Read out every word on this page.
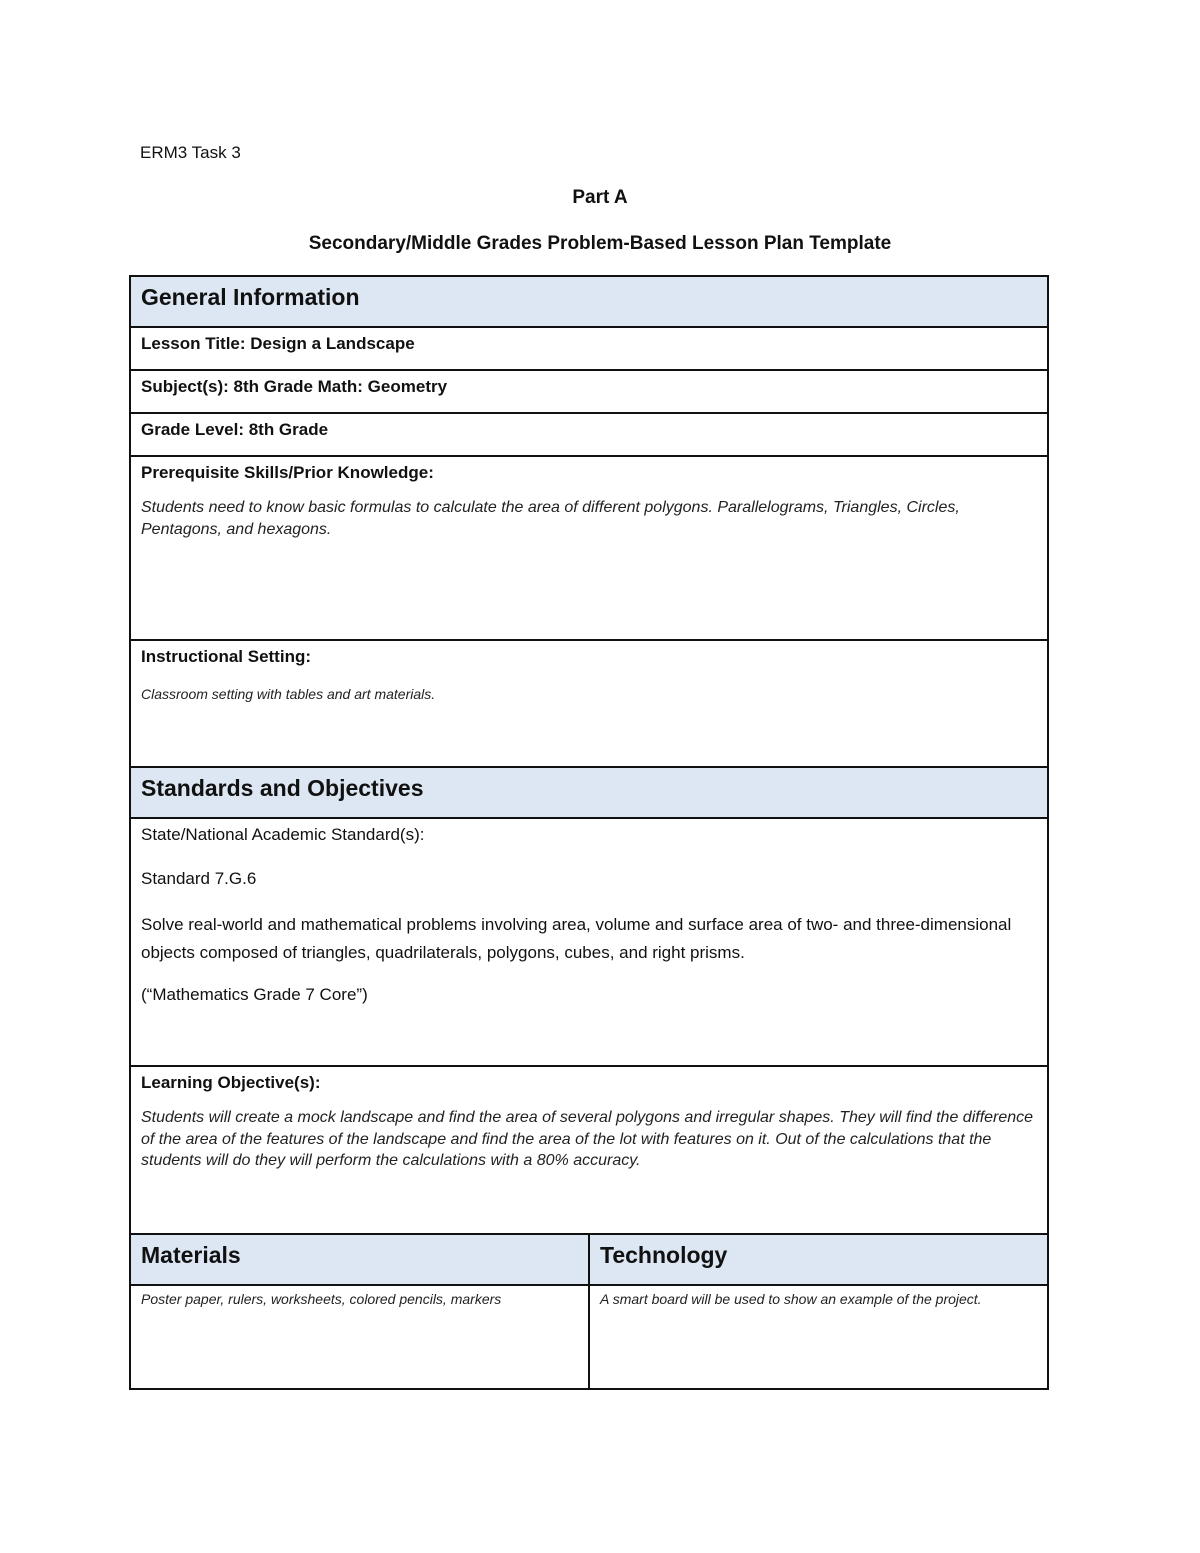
ERM3 Task 3
Part A
Secondary/Middle Grades Problem-Based Lesson Plan Template
General Information	

Lesson Title: Design a Landscape	

Subject(s): 8th Grade Math: Geometry	

Grade Level: 8th Grade	

Prerequisite Skills/Prior Knowledge:
Students need to know basic formulas to calculate the area of different polygons. Parallelograms, Triangles, Circles, Pentagons, and hexagons.	

Instructional Setting:
Classroom setting with tables and art materials.	

Standards and Objectives	

State/National Academic Standard(s):
Standard 7.G.6
Solve real-world and mathematical problems involving area, volume and surface area of two- and three-dimensional objects composed of triangles, quadrilaterals, polygons, cubes, and right prisms.
(“Mathematics Grade 7 Core”)	

Learning Objective(s):
Students will create a mock landscape and find the area of several polygons and irregular shapes. They will find the difference of the area of the features of the landscape and find the area of the lot with features on it. Out of the calculations that the students will do they will perform the calculations with a 80% accuracy.	

Materials	Technology

Poster paper, rulers, worksheets, colored pencils, markers	A smart board will be used to show an example of the project.
